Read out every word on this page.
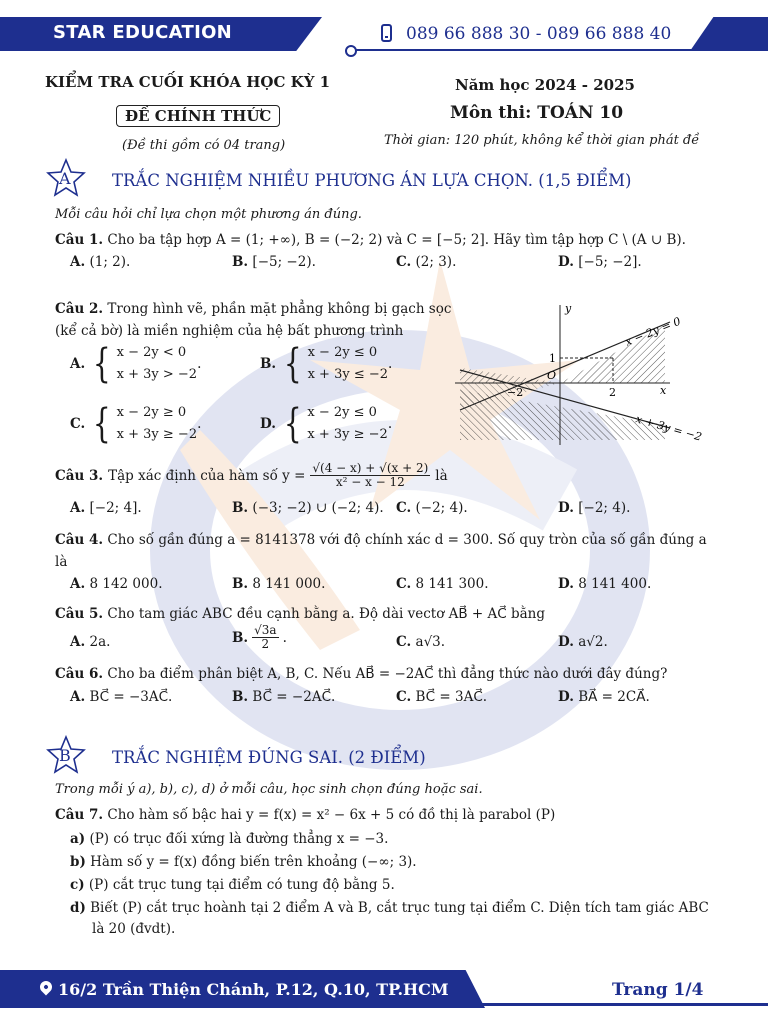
STAR EDUCATION	089 66 888 30 - 089 66 888 40
KIỂM TRA CUỐI KHÓA HỌC KỲ 1
ĐỀ CHÍNH THỨC
(Đề thi gồm có 04 trang)
Năm học 2024 - 2025
Môn thi: TOÁN 10
Thời gian: 120 phút, không kể thời gian phát đề
A	TRẮC NGHIỆM NHIỀU PHƯƠNG ÁN LỰA CHỌN. (1,5 ĐIỂM)
Mỗi câu hỏi chỉ lựa chọn một phương án đúng.
Câu 1. Cho ba tập hợp A = (1; +∞), B = (−2; 2) và C = [−5; 2]. Hãy tìm tập hợp C \ (A ∪ B).
A. (1; 2).	B. [−5; −2).	C. (2; 3).	D. [−5; −2].
Câu 2. Trong hình vẽ, phần mặt phẳng không bị gạch sọc
(kể cả bờ) là miền nghiệm của hệ bất phương trình
A. { x − 2y < 0
x + 3y > −2
.	B. { x − 2y ≤ 0
x + 3y ≤ −2
.
C. { x − 2y ≥ 0
x + 3y ≥ −2
.	D. { x − 2y ≤ 0
x + 3y ≥ −2
.
y
x
O
1
2
−2
x − 2y = 0
x + 3y = −2
Câu 3. Tập xác định của hàm số $y = \frac{√(4 - x) + √(x + 2)}{\text{x² − x − 12}}$ là
A. [−2; 4].	B. (−3; −2) ∪ (−2; 4). C. (−2; 4).	D. [−2; 4).
Câu 4. Cho số gần đúng a = 8141378 với độ chính xác d = 300. Số quy tròn của số gần đúng a
là
A. 8 142 000.	B. 8 141 000.	C. 8 141 300.	D. 8 141 400.
Câu 5. Cho tam giác ABC đều cạnh bằng a. Độ dài vectơ AB⃗ + AC⃗ bằng
A. 2a.	B. $\frac{√3a}{2}$ .	C. a√3.	D. a√2.
Câu 6. Cho ba điểm phân biệt A, B, C. Nếu AB⃗ = −2AC⃗ thì đẳng thức nào dưới đây đúng?
A. BC⃗ = −3AC⃗.	B. BC⃗ = −2AC⃗.	C. BC⃗ = 3AC⃗.	D. BA⃗ = 2CA⃗.
B TRẮC NGHIỆM ĐÚNG SAI. (2 ĐIỂM)
Trong mỗi ý a), b), c), d) ở mỗi câu, học sinh chọn đúng hoặc sai.
Câu 7. Cho hàm số bậc hai y = f(x) = x² − 6x + 5 có đồ thị là parabol (P)
a) (P) có trục đối xứng là đường thẳng x = −3.
b) Hàm số y = f(x) đồng biến trên khoảng (−∞; 3).
c) (P) cắt trục tung tại điểm có tung độ bằng 5.
d) Biết (P) cắt trục hoành tại 2 điểm A và B, cắt trục tung tại điểm C. Diện tích tam giác ABC
là 20 (đvdt).
16/2 Trần Thiện Chánh, P.12, Q.10, TP.HCM	Trang 1/4
